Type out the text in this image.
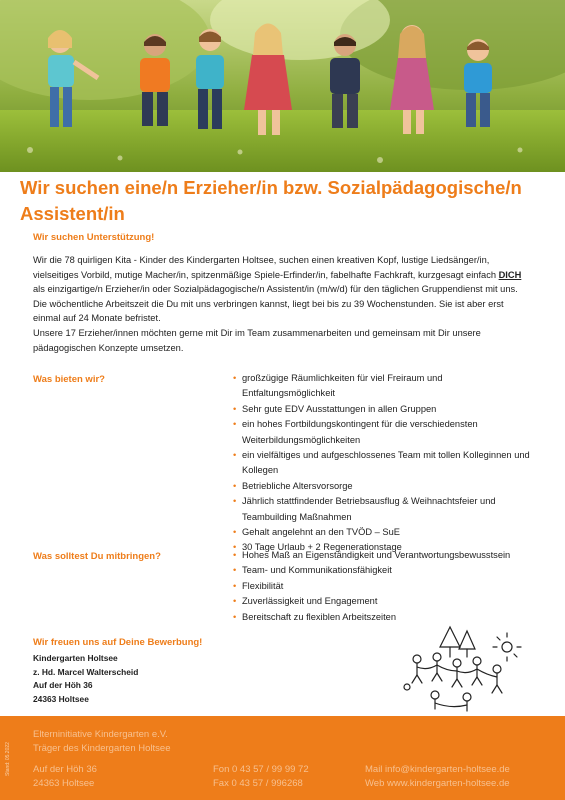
Wir suchen eine/n Erzieher/in bzw. Sozialpädagogische/n Assistent/in
Wir suchen Unterstützung!
Wir die 78 quirligen Kita - Kinder des Kindergarten Holtsee, suchen einen kreativen Kopf, lustige Liedsänger/in, vielseitiges Vorbild, mutige Macher/in, spitzenmäßige Spiele-Erfinder/in, fabelhafte Fachkraft, kurzgesagt einfach DICH als einzigartige/n Erzieher/in oder Sozialpädagogische/n Assistent/in (m/w/d) für den täglichen Gruppendienst mit uns. Die wöchentliche Arbeitszeit die Du mit uns verbringen kannst, liegt bei bis zu 39 Wochenstunden. Sie ist aber erst einmal auf 24 Monate befristet.
Unsere 17 Erzieher/innen möchten gerne mit Dir im Team zusammenarbeiten und gemeinsam mit Dir unsere pädagogischen Konzepte umsetzen.
Was bieten wir?	• großzügige Räumlichkeiten für viel Freiraum und Entfaltungsmöglichkeit
• Sehr gute EDV Ausstattungen in allen Gruppen
• ein hohes Fortbildungskontingent für die verschiedensten Weiterbildungsmöglichkeiten
• ein vielfältiges und aufgeschlossenes Team mit tollen Kolleginnen und Kollegen
• Betriebliche Altersvorsorge
• Jährlich stattfindender Betriebsausflug & Weihnachtsfeier und Teambuilding Maßnahmen
• Gehalt angelehnt an den TVÖD – SuE
• 30 Tage Urlaub + 2 Regenerationstage
Was solltest Du mitbringen?	• Hohes Maß an Eigenständigkeit und Verantwortungsbewusstsein
• Team- und Kommunikationsfähigkeit
• Flexibilität
• Zuverlässigkeit und Engagement
• Bereitschaft zu flexiblen Arbeitszeiten
Wir freuen uns auf Deine Bewerbung!
Kindergarten Holtsee
z. Hd. Marcel Walterscheid
Auf der Höh 36
24363 Holtsee
Stand: 05.2022
Elterninitiative Kindergarten e.V.
Träger des Kindergarten Holtsee
Auf der Höh 36
24363 Holtsee
Fon 0 43 57 / 99 99 72
Fax 0 43 57 / 996268
Mail info@kindergarten-holtsee.de
Web www.kindergarten-holtsee.de
